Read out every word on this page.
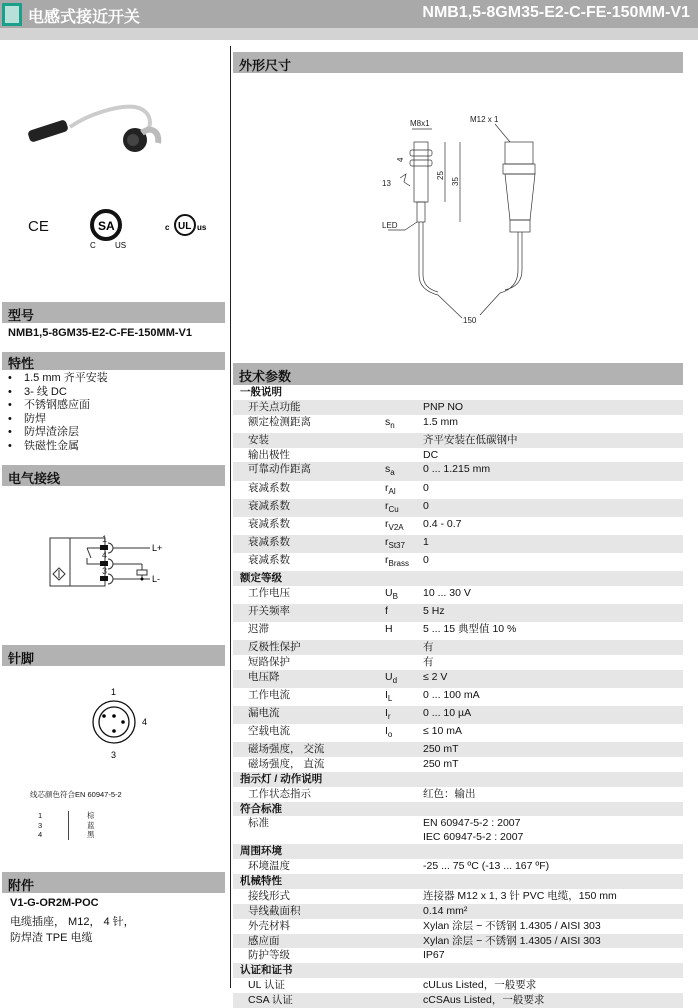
电感式接近开关	NMB1,5-8GM35-E2-C-FE-150MM-V1
CE	SA
C US
c UL us
型号
NMB1,5-8GM35-E2-C-FE-150MM-V1
特性
• 1.5 mm 齐平安装
• 3- 线 DC
• 不锈钢感应面
• 防焊
• 防焊渣涂层
• 铁磁性金属
电气接线
1
4
3
L+
L-
针脚
1
4
3
线芯颜色符合EN 60947-5-2
1	棕
3	蓝
4	黑
附件
V1-G-OR2M-POC
电缆插座， M12， 4 针，
防焊渣 TPE 电缆
外形尺寸
M8x1
25
35
4
13
LED
M12 x 1
150
技术参数
一般说明		
开关点功能		PNP NO

额定检测距离	$s_n$	1.5 mm

安装		齐平安装在低碳钢中

输出极性		DC

可靠动作距离	$s_a$	0 ... 1.215 mm

衰减系数	$r_{Al}$	0

衰减系数	$r_{Cu}$	0

衰减系数	$r_{V2A}$	0.4 - 0.7

衰减系数	$r_{St37}$	1

衰减系数	$r_{Brass}$	0

额定等级		
工作电压	$U_B$	10 ... 30 V

开关频率	f	5 Hz

迟滞	H	5 ... 15 典型值 10 %

反极性保护		有

短路保护		有

电压降	$U_d$	≤ 2 V

工作电流	$I_L$	0 ... 100 mA

漏电流	$I_r$	0 ... 10 µA

空载电流	$I_o$	≤ 10 mA

磁场强度， 交流		250 mT

磁场强度， 直流		250 mT

指示灯 / 动作说明		
工作状态指示		红色：输出

符合标准		
标准		EN 60947-5-2 : 2007
IEC 60947-5-2 : 2007

周围环境		
环境温度		-25 ... 75 ºC (-13 ... 167 ºF)

机械特性		
接线形式		连接器 M12 x 1, 3 针 PVC 电缆，150 mm

导线截面积		0.14 mm²

外壳材料		Xylan 涂层 − 不锈钢 1.4305 / AISI 303

感应面		Xylan 涂层 − 不锈钢 1.4305 / AISI 303

防护等级		IP67

认证和证书		
UL 认证		cULus Listed，一般要求

CSA 认证		cCSAus Listed，一般要求
